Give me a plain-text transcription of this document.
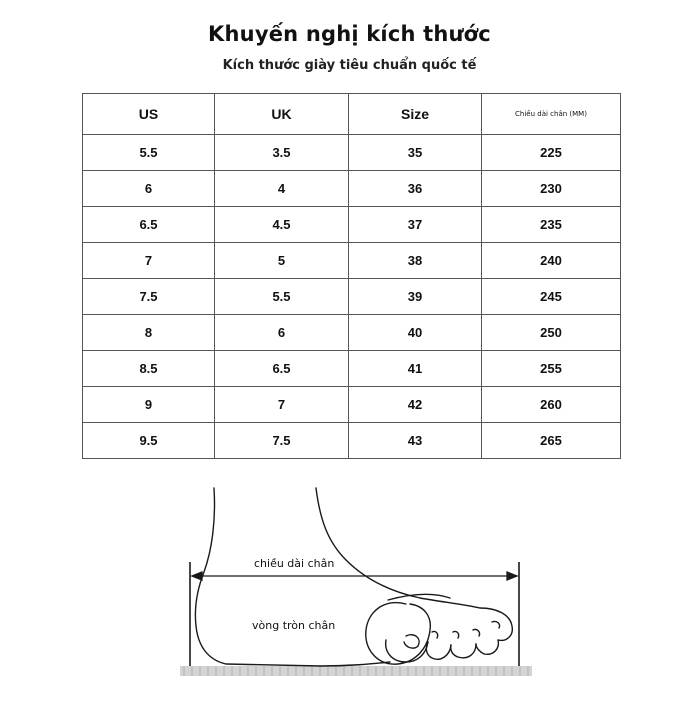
Khuyến nghị kích thước
Kích thước giày tiêu chuẩn quốc tế
US	UK	Size	Chiều dài chân (MM)
5.5	3.5	35	225
6	4	36	230
6.5	4.5	37	235
7	5	38	240
7.5	5.5	39	245
8	6	40	250
8.5	6.5	41	255
9	7	42	260
9.5	7.5	43	265
chiều dài chân
vòng tròn chân
